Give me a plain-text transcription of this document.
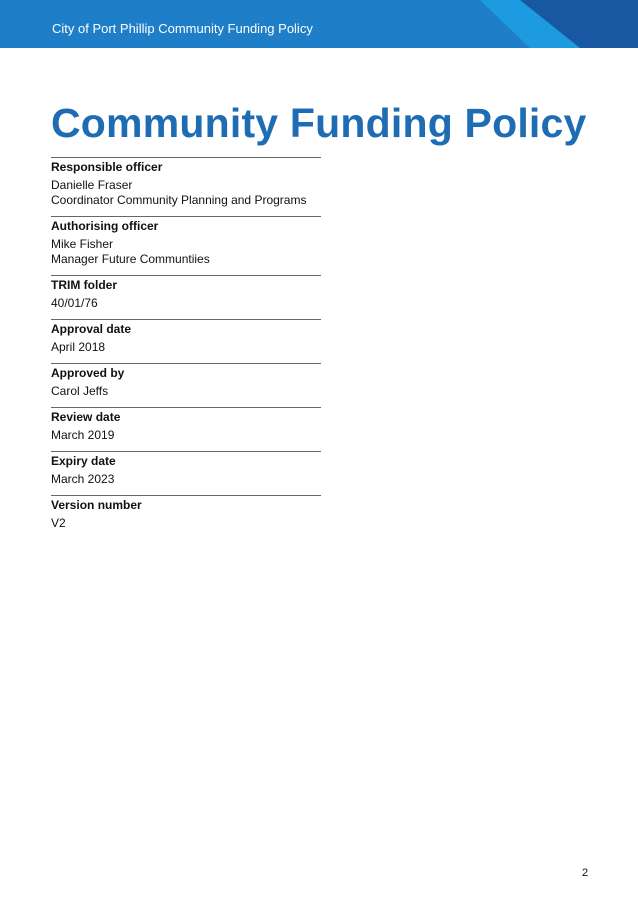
City of Port Phillip Community Funding Policy
Community Funding Policy
Responsible officer
Danielle Fraser
Coordinator Community Planning and Programs
Authorising officer
Mike Fisher
Manager Future Communtiies
TRIM folder
40/01/76
Approval date
April 2018
Approved by
Carol Jeffs
Review date
March 2019
Expiry date
March 2023
Version number
V2
2
